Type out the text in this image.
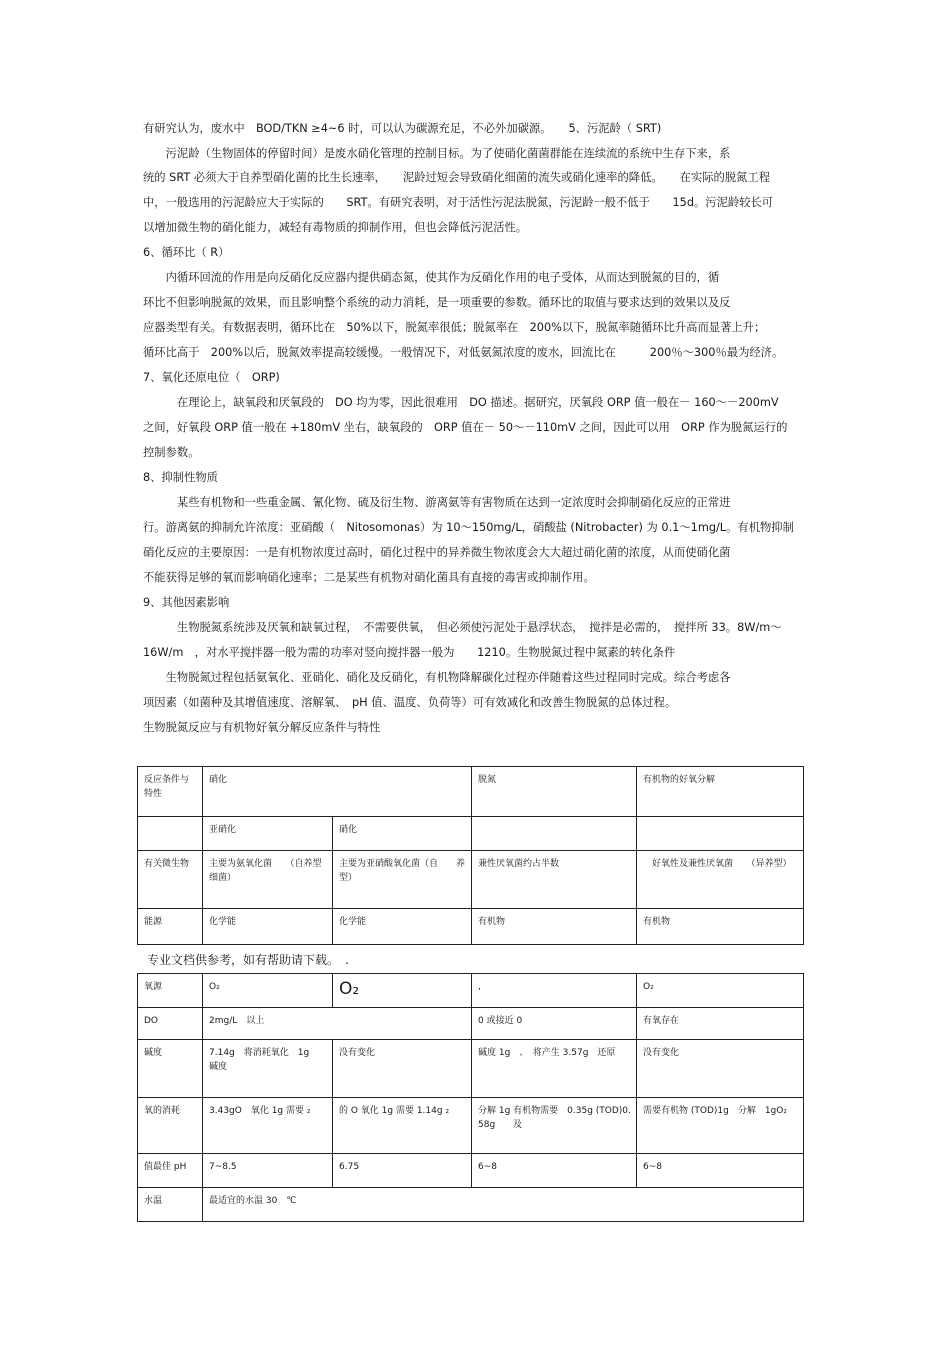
有研究认为，废水中　BOD/TKN ≥4~6 时，可以认为碳源充足，不必外加碳源。　　5、污泥龄（ SRT)
　　污泥龄（生物固体的停留时间）是废水硝化管理的控制目标。为了使硝化菌菌群能在连续流的系统中生存下来，系
统的 SRT 必须大于自养型硝化菌的比生长速率，　　泥龄过短会导致硝化细菌的流失或硝化速率的降低。　　在实际的脱氮工程
中，一般选用的污泥龄应大于实际的　　SRT。有研究表明，对于活性污泥法脱氮，污泥龄一般不低于　　15d。污泥龄较长可
以增加微生物的硝化能力，减轻有毒物质的抑制作用，但也会降低污泥活性。
6、循环比（ R）
　　内循环回流的作用是向反硝化反应器内提供硝态氮，使其作为反硝化作用的电子受体，从而达到脱氮的目的，循
环比不但影响脱氮的效果，而且影响整个系统的动力消耗，是一项重要的参数。循环比的取值与要求达到的效果以及反
应器类型有关。有数据表明，循环比在　50%以下，脱氮率很低；脱氮率在　200%以下，脱氮率随循环比升高而显著上升；
循环比高于　200%以后，脱氮效率提高较缓慢。一般情况下，对低氨氮浓度的废水，回流比在　　　200％～300％最为经济。
7、氧化还原电位（　ORP)
　　　在理论上，缺氧段和厌氧段的　DO 均为零，因此很难用　DO 描述。据研究，厌氧段 ORP 值一般在－ 160～－200mV
之间，好氧段 ORP 值一般在 +180mV 坐右，缺氧段的　ORP 值在－ 50～－110mV 之间，因此可以用　ORP 作为脱氮运行的
控制参数。
8、抑制性物质
　　　某些有机物和一些重金属、氰化物、硫及衍生物、游离氨等有害物质在达到一定浓度时会抑制硝化反应的正常进
行。游离氨的抑制允许浓度：亚硝酸（　Nitosomonas）为 10～150mg/L，硝酸盐 (Nitrobacter) 为 0.1～1mg/L。有机物抑制
硝化反应的主要原因：一是有机物浓度过高时，硝化过程中的异养微生物浓度会大大超过硝化菌的浓度，从而使硝化菌
不能获得足够的氧而影响硝化速率；二是某些有机物对硝化菌具有直接的毒害或抑制作用。
9、其他因素影响
　　　生物脱氮系统涉及厌氧和缺氧过程，　不需要供氧，　但必须使污泥处于悬浮状态，　搅拌是必需的，　搅拌所 33。8W/m～
16W/m　，对水平搅拌器一般为需的功率对竖向搅拌器一般为　　1210。生物脱氮过程中氮素的转化条件
　　生物脱氮过程包括氨氧化、亚硝化、硝化及反硝化，有机物降解碳化过程亦伴随着这些过程同时完成。综合考虑各
项因素（如菌种及其增值速度、溶解氧、　pH 值、温度、负荷等）可有效减化和改善生物脱氮的总体过程。
生物脱氮反应与有机物好氧分解反应条件与特性
反应条件与特性	硝化		脱氮	有机物的好氧分解
	亚硝化	硝化		
有关微生物	主要为氨氧化菌　　（自养型细菌）	主要为亚硝酸氧化菌（自　　养型）	兼性厌氧菌约占半数	　好氧性及兼性厌氧菌　　（异养型）
能源	化学能	化学能	有机物	有机物
专业文档供参考，如有帮助请下载。　.
氧源	O₂	O₂	,	O₂
DO	2mg/L　以上		0 或接近 0	有氧存在
碱度	7.14g　将消耗氧化　1g　碱度	没有变化	碱度 1g　、　将产生 3.57g　还原	没有变化
氧的消耗	3.43gO　氧化 1g 需要 ₂	的 O 氧化 1g 需要 1.14g ₂	分解 1g 有机物需要　0.35g (TOD)0.58g　　及	需要有机物 (TOD)1g　分解　1gO₂
值最佳 pH	7~8.5	6.75	6~8	6~8
水温	最适宜的水温 30　℃			
